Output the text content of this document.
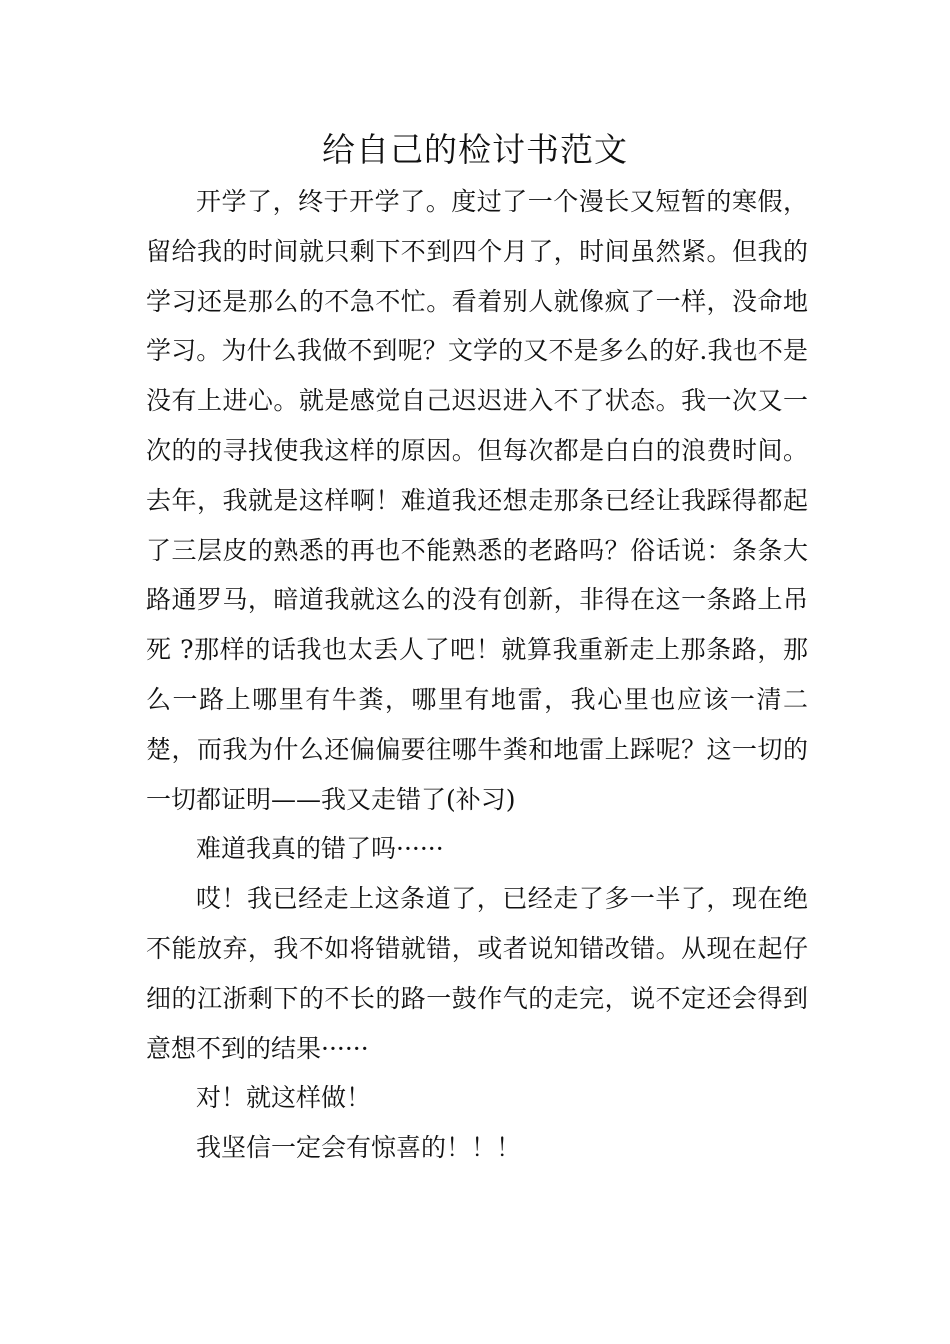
给自己的检讨书范文

开学了，终于开学了。度过了一个漫长又短暂的寒假，留给我的时间就只剩下不到四个月了，时间虽然紧。但我的学习还是那么的不急不忙。看着别人就像疯了一样，没命地学习。为什么我做不到呢？文学的又不是多么的好.我也不是没有上进心。就是感觉自己迟迟进入不了状态。我一次又一次的的寻找使我这样的原因。但每次都是白白的浪费时间。去年，我就是这样啊！难道我还想走那条已经让我踩得都起了三层皮的熟悉的再也不能熟悉的老路吗？俗话说：条条大路通罗马，暗道我就这么的没有创新，非得在这一条路上吊死 ?那样的话我也太丢人了吧！就算我重新走上那条路，那么一路上哪里有牛粪，哪里有地雷，我心里也应该一清二楚，而我为什么还偏偏要往哪牛粪和地雷上踩呢？这一切的一切都证明——我又走错了(补习)

难道我真的错了吗······

哎！我已经走上这条道了，已经走了多一半了，现在绝不能放弃，我不如将错就错，或者说知错改错。从现在起仔细的江浙剩下的不长的路一鼓作气的走完，说不定还会得到意想不到的结果······

对！就这样做！

我坚信一定会有惊喜的！！！
